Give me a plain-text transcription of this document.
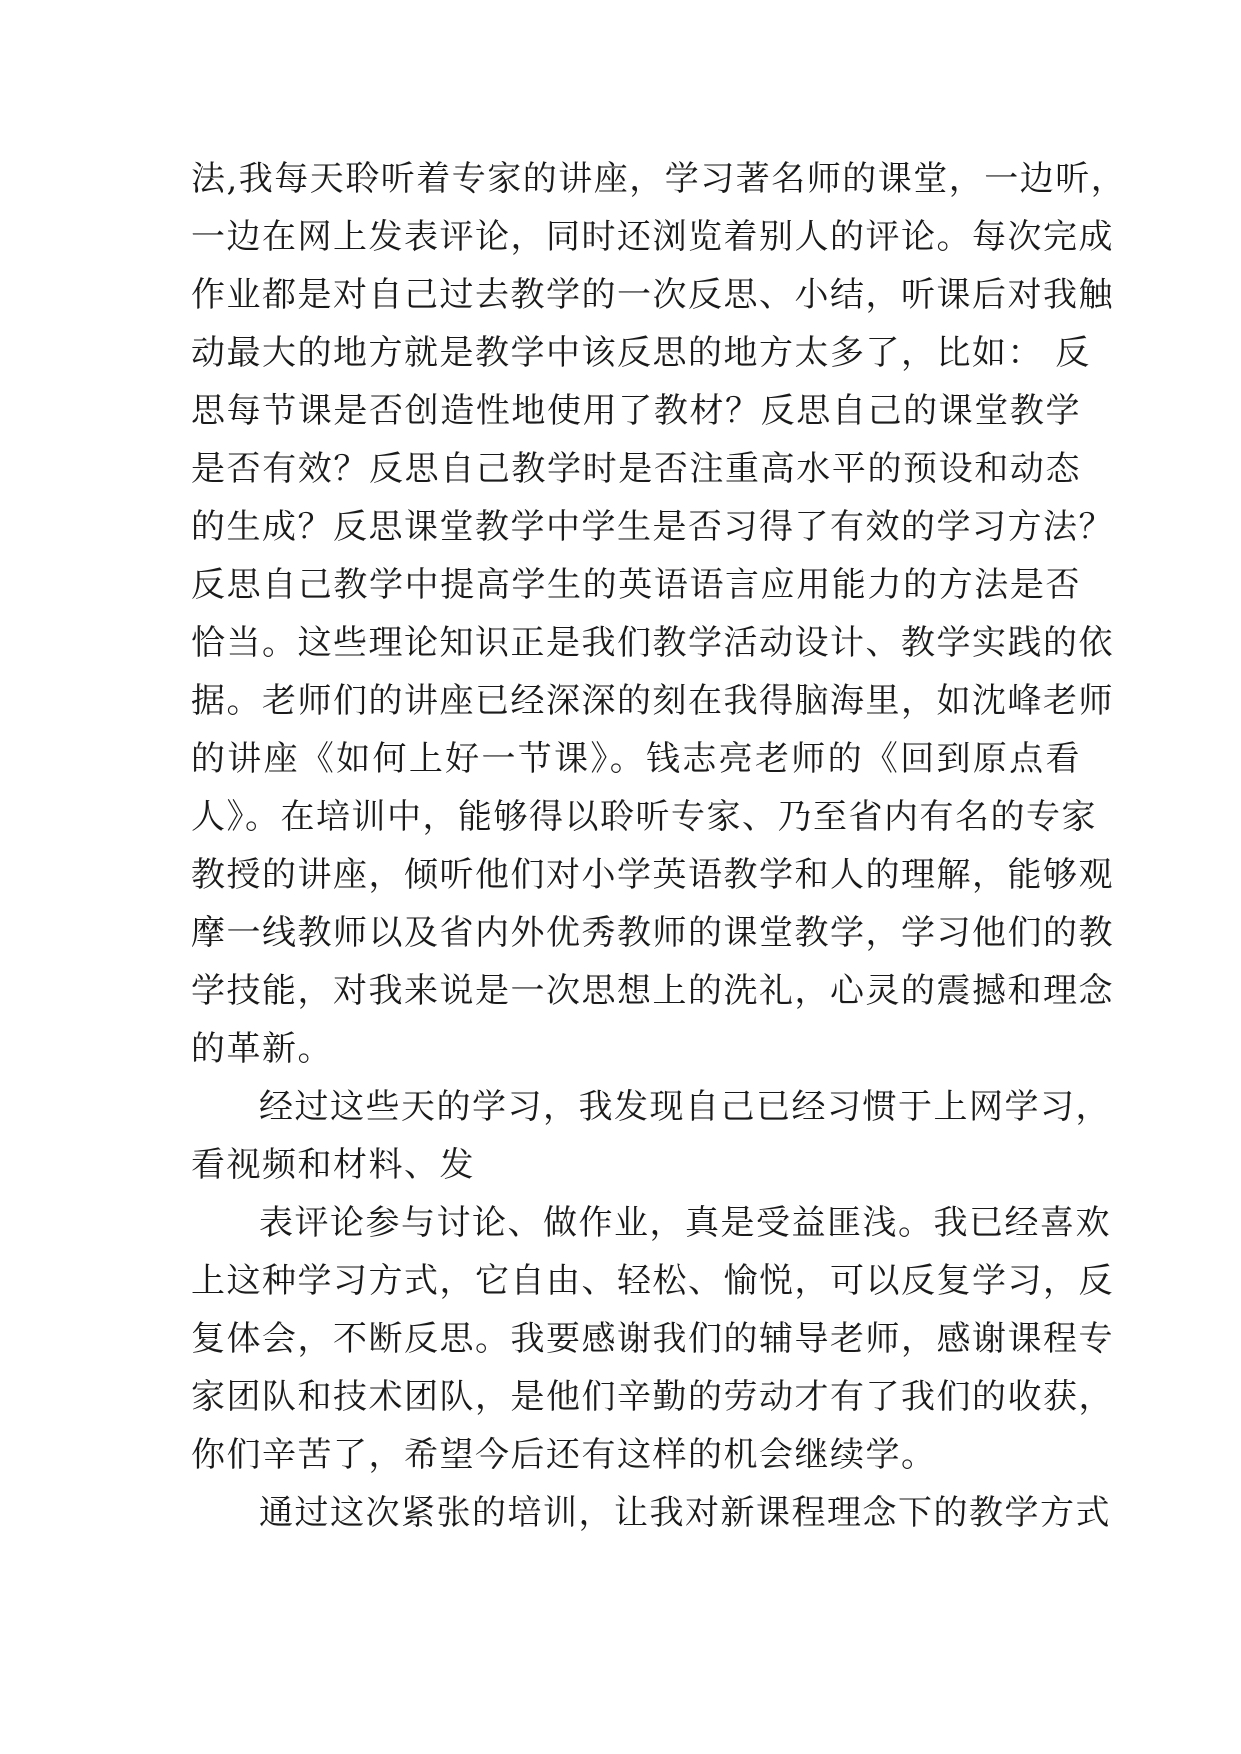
法,我每天聆听着专家的讲座，学习著名师的课堂，一边听，
一边在网上发表评论，同时还浏览着别人的评论。每次完成
作业都是对自己过去教学的一次反思、小结，听课后对我触
动最大的地方就是教学中该反思的地方太多了，比如： 反
思每节课是否创造性地使用了教材？反思自己的课堂教学
是否有效？反思自己教学时是否注重高水平的预设和动态
的生成？反思课堂教学中学生是否习得了有效的学习方法？
反思自己教学中提高学生的英语语言应用能力的方法是否
恰当。这些理论知识正是我们教学活动设计、教学实践的依
据。老师们的讲座已经深深的刻在我得脑海里，如沈峰老师
的讲座《如何上好一节课》。钱志亮老师的《回到原点看
人》。在培训中，能够得以聆听专家、乃至省内有名的专家
教授的讲座，倾听他们对小学英语教学和人的理解，能够观
摩一线教师以及省内外优秀教师的课堂教学，学习他们的教
学技能，对我来说是一次思想上的洗礼，心灵的震撼和理念
的革新。
经过这些天的学习，我发现自己已经习惯于上网学习，
看视频和材料、发
表评论参与讨论、做作业，真是受益匪浅。我已经喜欢
上这种学习方式，它自由、轻松、愉悦，可以反复学习，反
复体会，不断反思。我要感谢我们的辅导老师，感谢课程专
家团队和技术团队，是他们辛勤的劳动才有了我们的收获，
你们辛苦了，希望今后还有这样的机会继续学。
通过这次紧张的培训，让我对新课程理念下的教学方式
